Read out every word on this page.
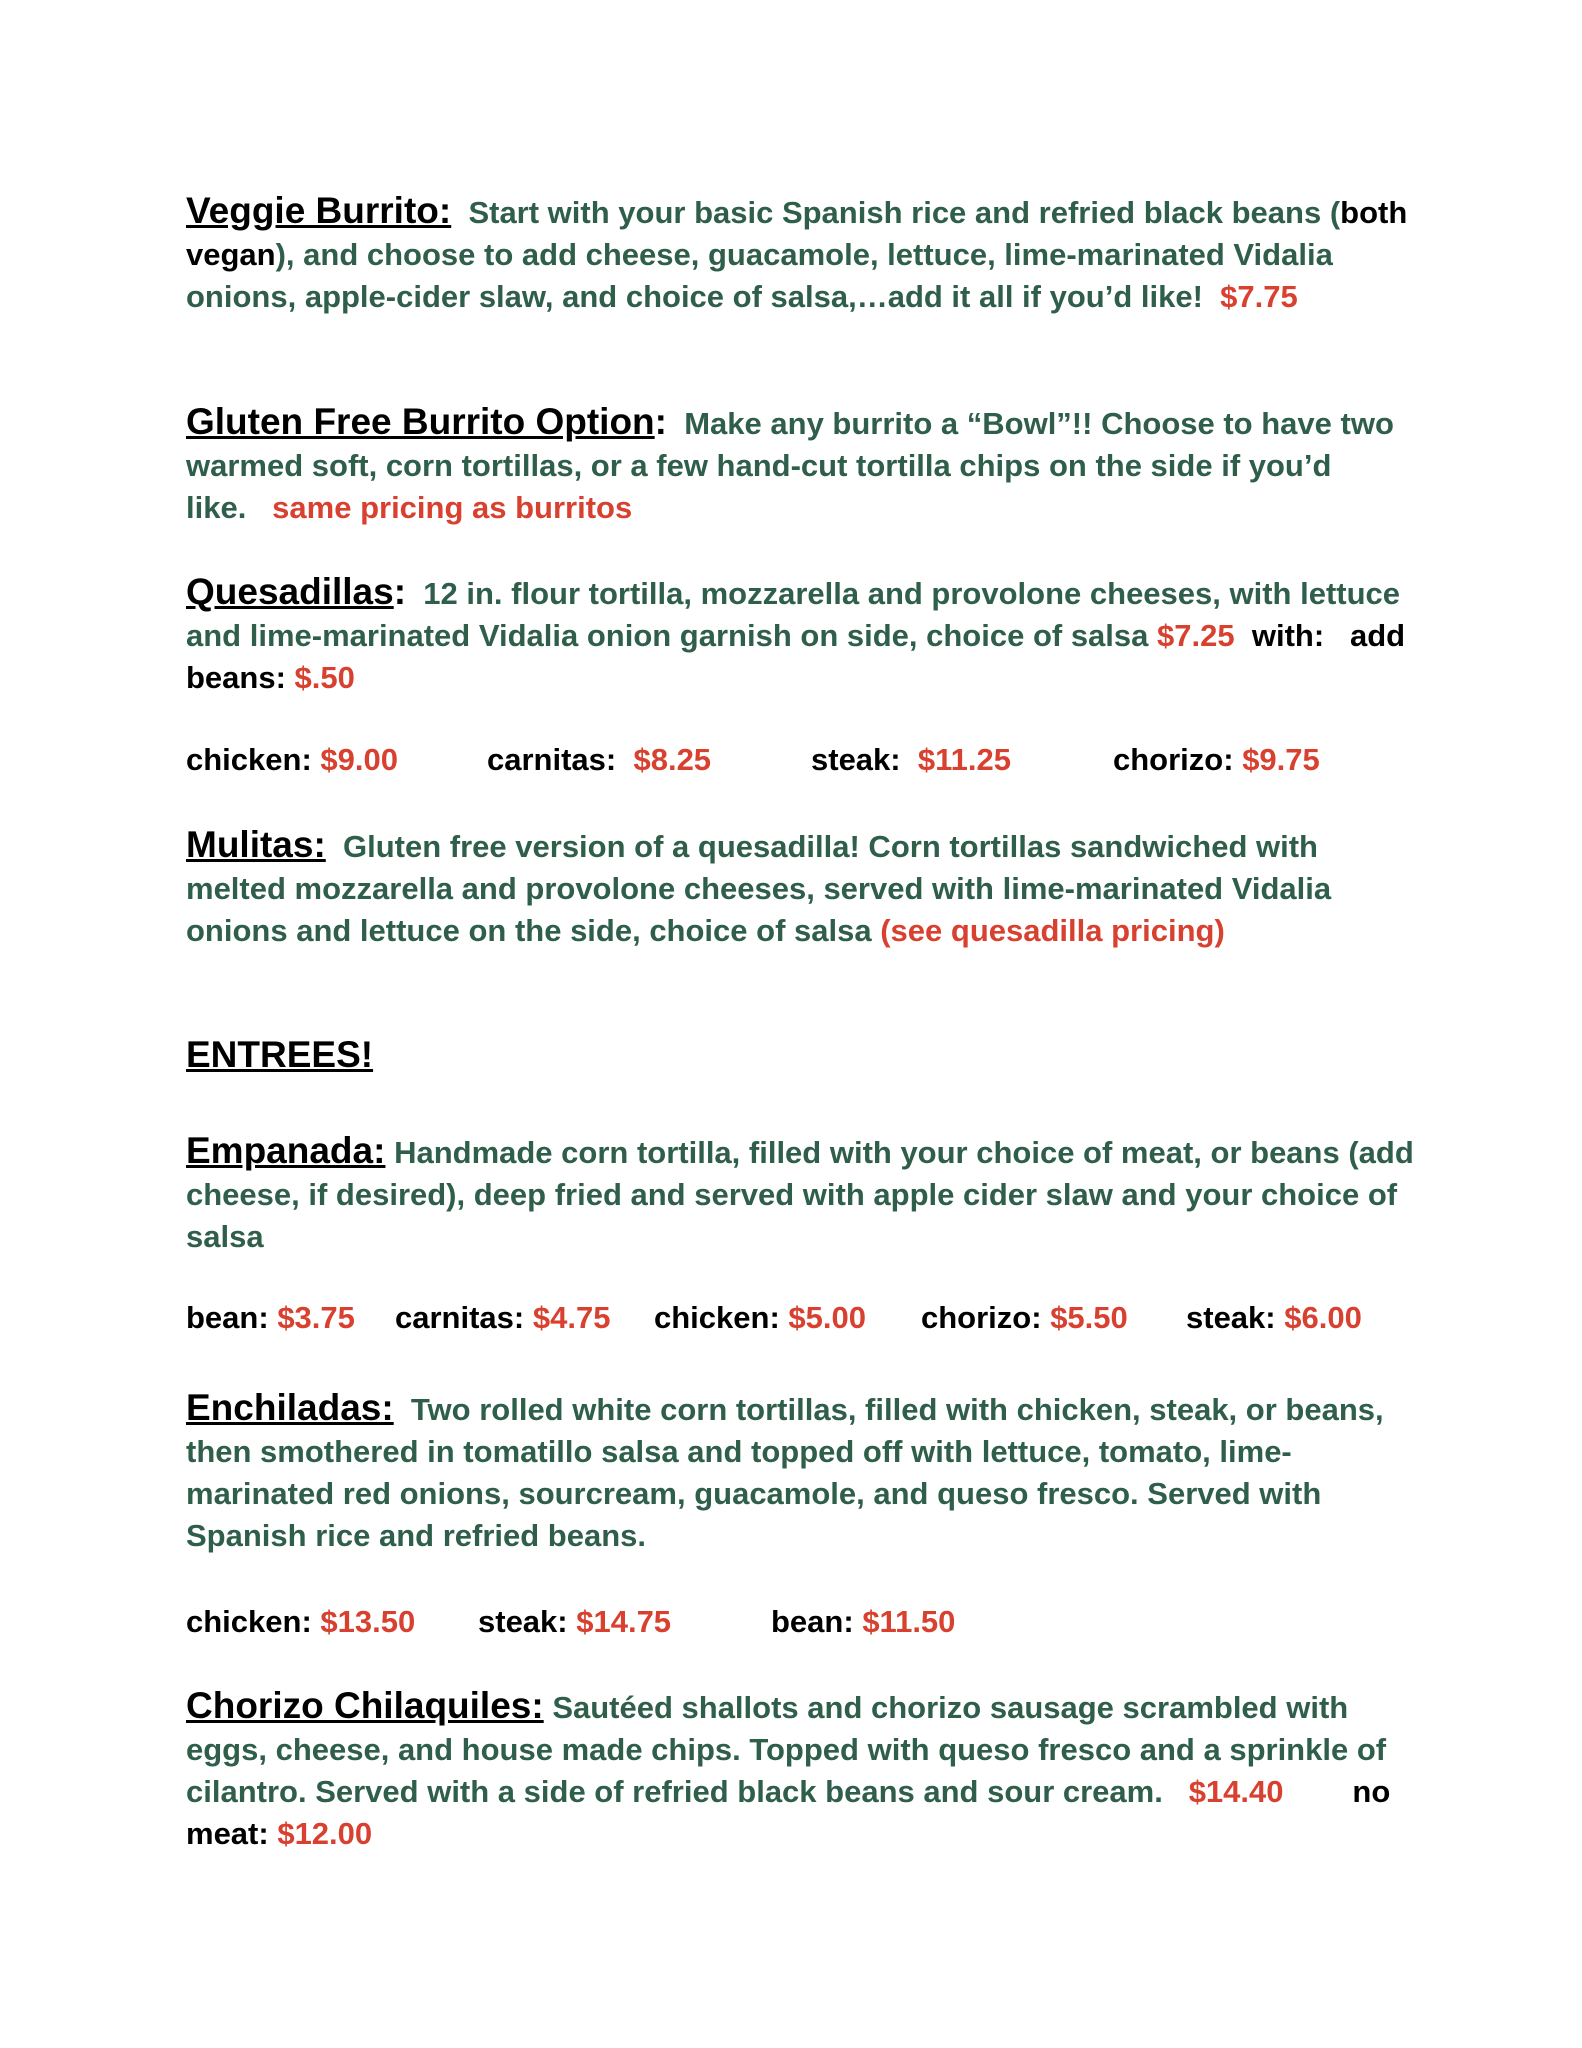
Veggie Burrito: Start with your basic Spanish rice and refried black beans (both vegan), and choose to add cheese, guacamole, lettuce, lime-marinated Vidalia onions, apple-cider slaw, and choice of salsa,…add it all if you’d like! $7.75
Gluten Free Burrito Option: Make any burrito a “Bowl”!! Choose to have two warmed soft, corn tortillas, or a few hand-cut tortilla chips on the side if you’d like. same pricing as burritos
Quesadillas: 12 in. flour tortilla, mozzarella and provolone cheeses, with lettuce and lime-marinated Vidalia onion garnish on side, choice of salsa $7.25 with: add beans: $.50
chicken: $9.00	carnitas: $8.25	steak: $11.25	chorizo: $9.75
Mulitas: Gluten free version of a quesadilla! Corn tortillas sandwiched with melted mozzarella and provolone cheeses, served with lime-marinated Vidalia onions and lettuce on the side, choice of salsa (see quesadilla pricing)
ENTREES!
Empanada: Handmade corn tortilla, filled with your choice of meat, or beans (add cheese, if desired), deep fried and served with apple cider slaw and your choice of salsa
bean: $3.75 carnitas: $4.75 chicken: $5.00 chorizo: $5.50 steak: $6.00
Enchiladas: Two rolled white corn tortillas, filled with chicken, steak, or beans, then smothered in tomatillo salsa and topped off with lettuce, tomato, lime-marinated red onions, sourcream, guacamole, and queso fresco. Served with Spanish rice and refried beans.
chicken: $13.50 steak: $14.75	bean: $11.50
Chorizo Chilaquiles: Sautéed shallots and chorizo sausage scrambled with eggs, cheese, and house made chips. Topped with queso fresco and a sprinkle of cilantro. Served with a side of refried black beans and sour cream. $14.40 no meat: $12.00
